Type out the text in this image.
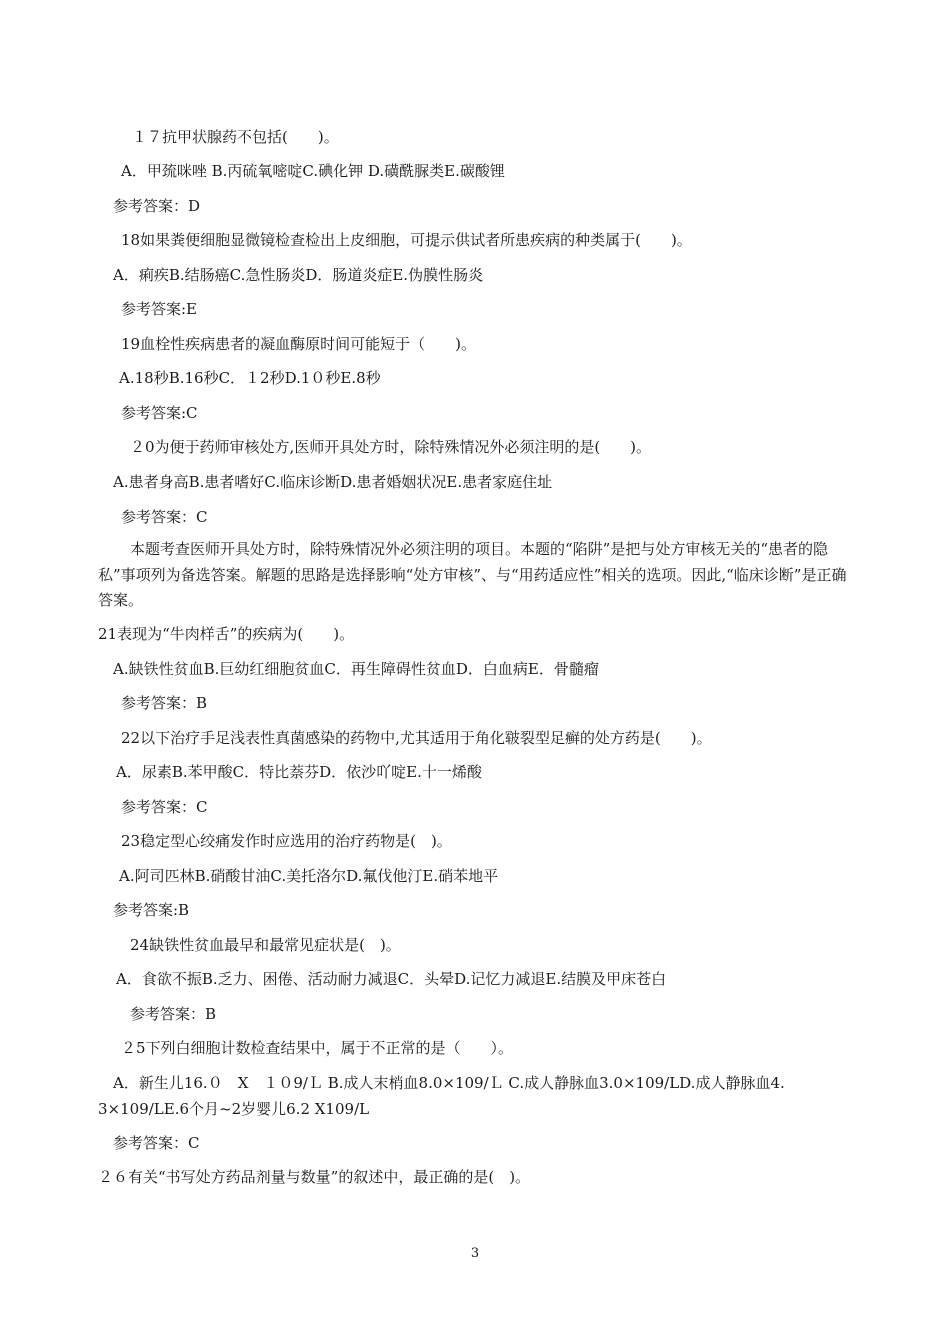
１７抗甲状腺药不包括(　　)。
A．甲巯咪唑 B.丙硫氧嘧啶C.碘化钾 D.磺酰脲类E.碳酸锂
参考答案：D
18如果粪便细胞显微镜检查检出上皮细胞，可提示供试者所患疾病的种类属于(　　)。
A．痢疾B.结肠癌C.急性肠炎D．肠道炎症E.伪膜性肠炎
参考答案:E
19血栓性疾病患者的凝血酶原时间可能短于（　　)。
A.18秒B.16秒C．１2秒D.1０秒E.8秒
参考答案:C
２0为便于药师审核处方,医师开具处方时，除特殊情况外必须注明的是(　　)。
A.患者身高B.患者嗜好C.临床诊断D.患者婚姻状况E.患者家庭住址
参考答案：C
本题考查医师开具处方时，除特殊情况外必须注明的项目。本题的“陷阱”是把与处方审核无关的“患者的隐私”事项列为备选答案。解题的思路是选择影响“处方审核”、与“用药适应性”相关的选项。因此,“临床诊断”是正确答案。
21表现为“牛肉样舌”的疾病为(　　)。
A.缺铁性贫血B.巨幼红细胞贫血C．再生障碍性贫血D．白血病E．骨髓瘤
参考答案：B
22以下治疗手足浅表性真菌感染的药物中,尤其适用于角化皲裂型足癣的处方药是(　　)。
A．尿素B.苯甲酸C．特比萘芬D．依沙吖啶E.十一烯酸
参考答案：C
23稳定型心绞痛发作时应选用的治疗药物是(　)。
A.阿司匹林B.硝酸甘油C.美托洛尔D.氟伐他汀E.硝苯地平
参考答案:B
24缺铁性贫血最早和最常见症状是(　)。
A．食欲不振B.乏力、困倦、活动耐力减退C．头晕D.记忆力减退E.结膜及甲床苍白
参考答案：B
２5下列白细胞计数检查结果中，属于不正常的是（　　）。
A．新生儿16.０　X　１０9/Ｌ B.成人末梢血8.0×109/Ｌ C.成人静脉血3.0×109/LD.成人静脉血4.
3×109/LE.6个月~2岁婴儿6.2 X109/L
参考答案：C
２６有关“书写处方药品剂量与数量”的叙述中，最正确的是(　)。
3
